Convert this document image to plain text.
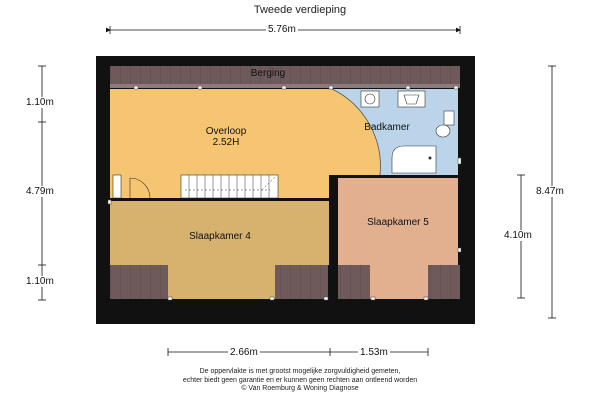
Tweede verdieping
Berging
Overloop
2.52H
Badkamer
Slaapkamer 4
Slaapkamer 5
5.76m
1.10m
4.79m
1.10m
8.47m
4.10m
2.66m	1.53m
De oppervlakte is met grootst mogelijke zorgvuldigheid gemeten,
echter biedt geen garantie en er kunnen geen rechten aan ontleend worden
© Van Roemburg & Woning Diagnose
